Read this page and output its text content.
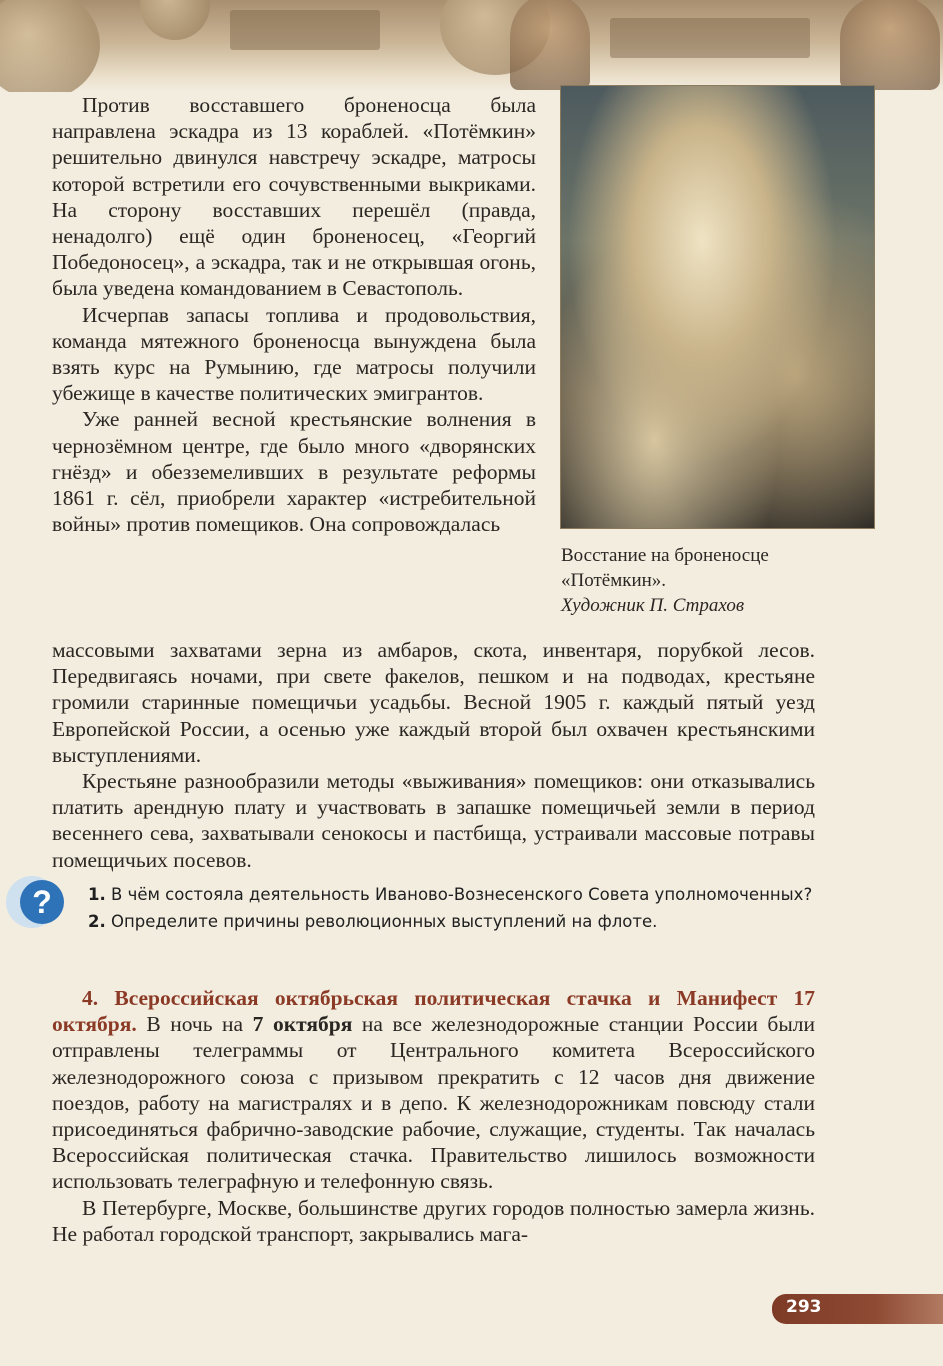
Против восставшего броненосца была направлена эскадра из 13 кораблей. «Потёмкин» решительно двинулся навстречу эскадре, матросы которой встретили его сочувственными выкриками. На сторону восставших перешёл (правда, ненадолго) ещё один броненосец, «Георгий Победоносец», а эскадра, так и не открывшая огонь, была уведена командованием в Севастополь.

Исчерпав запасы топлива и продовольствия, команда мятежного броненосца вынуждена была взять курс на Румынию, где матросы получили убежище в качестве политических эмигрантов.

Уже ранней весной крестьянские волнения в чернозёмном центре, где было много «дворянских гнёзд» и обезземеливших в результате реформы 1861 г. сёл, приобрели характер «истребительной войны» против помещиков. Она сопровождалась

Восстание на броненосце
«Потёмкин».
Художник П. Страхов

массовыми захватами зерна из амбаров, скота, инвентаря, порубкой лесов. Передвигаясь ночами, при свете факелов, пешком и на подводах, крестьяне громили старинные помещичьи усадьбы. Весной 1905 г. каждый пятый уезд Европейской России, а осенью уже каждый второй был охвачен крестьянскими выступлениями.

Крестьяне разнообразили методы «выживания» помещиков: они отказывались платить арендную плату и участвовать в запашке помещичьей земли в период весеннего сева, захватывали сенокосы и пастбища, устраивали массовые потравы помещичьих посевов.

?	1. В чём состояла деятельность Иваново-Вознесенского Совета уполномоченных?

2. Определите причины революционных выступлений на флоте.

4. Всероссийская октябрьская политическая стачка и Манифест 17 октября. В ночь на 7 октября на все железнодорожные станции России были отправлены телеграммы от Центрального комитета Всероссийского железнодорожного союза с призывом прекратить с 12 часов дня движение поездов, работу на магистралях и в депо. К железнодорожникам повсюду стали присоединяться фабрично-заводские рабочие, служащие, студенты. Так началась Всероссийская политическая стачка. Правительство лишилось возможности использовать телеграфную и телефонную связь.

В Петербурге, Москве, большинстве других городов полностью замерла жизнь. Не работал городской транспорт, закрывались мага-

293
